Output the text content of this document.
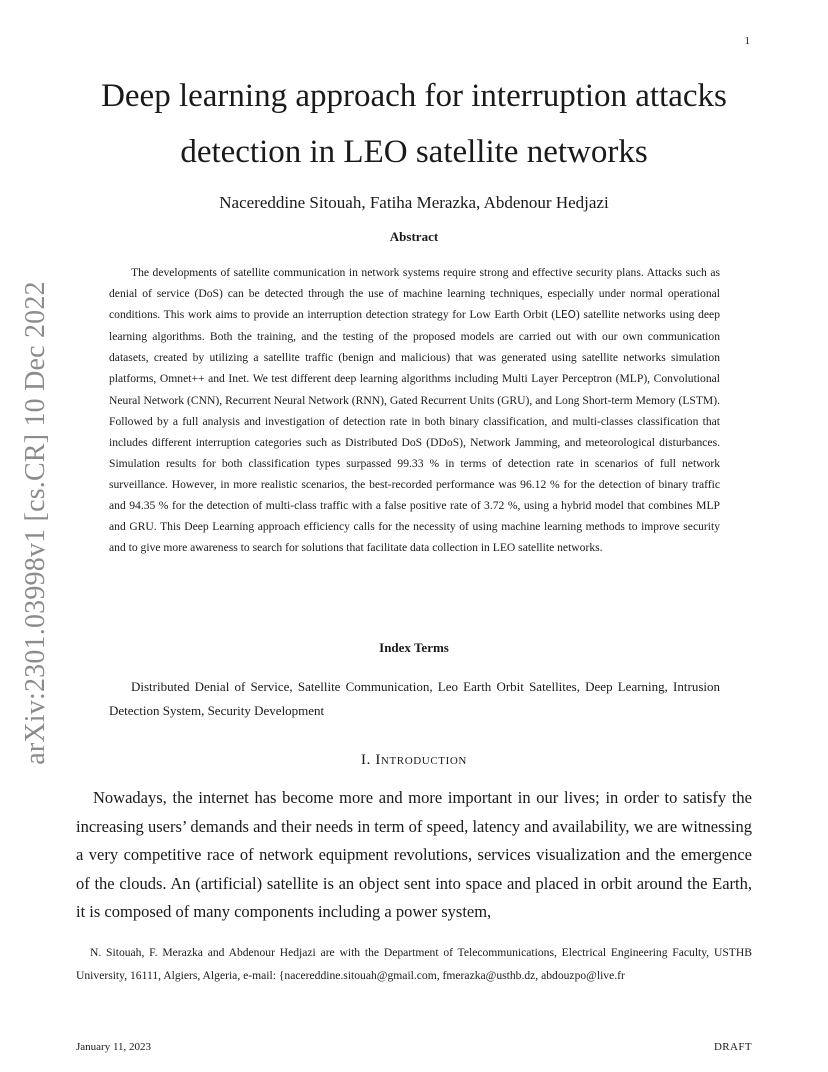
1
arXiv:2301.03998v1 [cs.CR] 10 Dec 2022
Deep learning approach for interruption attacks detection in LEO satellite networks
Nacereddine Sitouah, Fatiha Merazka, Abdenour Hedjazi
Abstract

The developments of satellite communication in network systems require strong and effective security plans. Attacks such as denial of service (DoS) can be detected through the use of machine learning techniques, especially under normal operational conditions. This work aims to provide an interruption detection strategy for Low Earth Orbit (LEO) satellite networks using deep learning algorithms. Both the training, and the testing of the proposed models are carried out with our own communication datasets, created by utilizing a satellite traffic (benign and malicious) that was generated using satellite networks simulation platforms, Omnet++ and Inet. We test different deep learning algorithms including Multi Layer Perceptron (MLP), Convolutional Neural Network (CNN), Recurrent Neural Network (RNN), Gated Recurrent Units (GRU), and Long Short-term Memory (LSTM). Followed by a full analysis and investigation of detection rate in both binary classification, and multi-classes classification that includes different interruption categories such as Distributed DoS (DDoS), Network Jamming, and meteorological disturbances. Simulation results for both classification types surpassed 99.33 % in terms of detection rate in scenarios of full network surveillance. However, in more realistic scenarios, the best-recorded performance was 96.12 % for the detection of binary traffic and 94.35 % for the detection of multi-class traffic with a false positive rate of 3.72 %, using a hybrid model that combines MLP and GRU. This Deep Learning approach efficiency calls for the necessity of using machine learning methods to improve security and to give more awareness to search for solutions that facilitate data collection in LEO satellite networks.

Index Terms

Distributed Denial of Service, Satellite Communication, Leo Earth Orbit Satellites, Deep Learning, Intrusion Detection System, Security Development

I. Introduction

Nowadays, the internet has become more and more important in our lives; in order to satisfy the increasing users’ demands and their needs in term of speed, latency and availability, we are witnessing a very competitive race of network equipment revolutions, services visualization and the emergence of the clouds. An (artificial) satellite is an object sent into space and placed in orbit around the Earth, it is composed of many components including a power system,

N. Sitouah, F. Merazka and Abdenour Hedjazi are with the Department of Telecommunications, Electrical Engineering Faculty, USTHB University, 16111, Algiers, Algeria, e-mail: {nacereddine.sitouah@gmail.com, fmerazka@usthb.dz, abdouzpo@live.fr

January 11, 2023	DRAFT
